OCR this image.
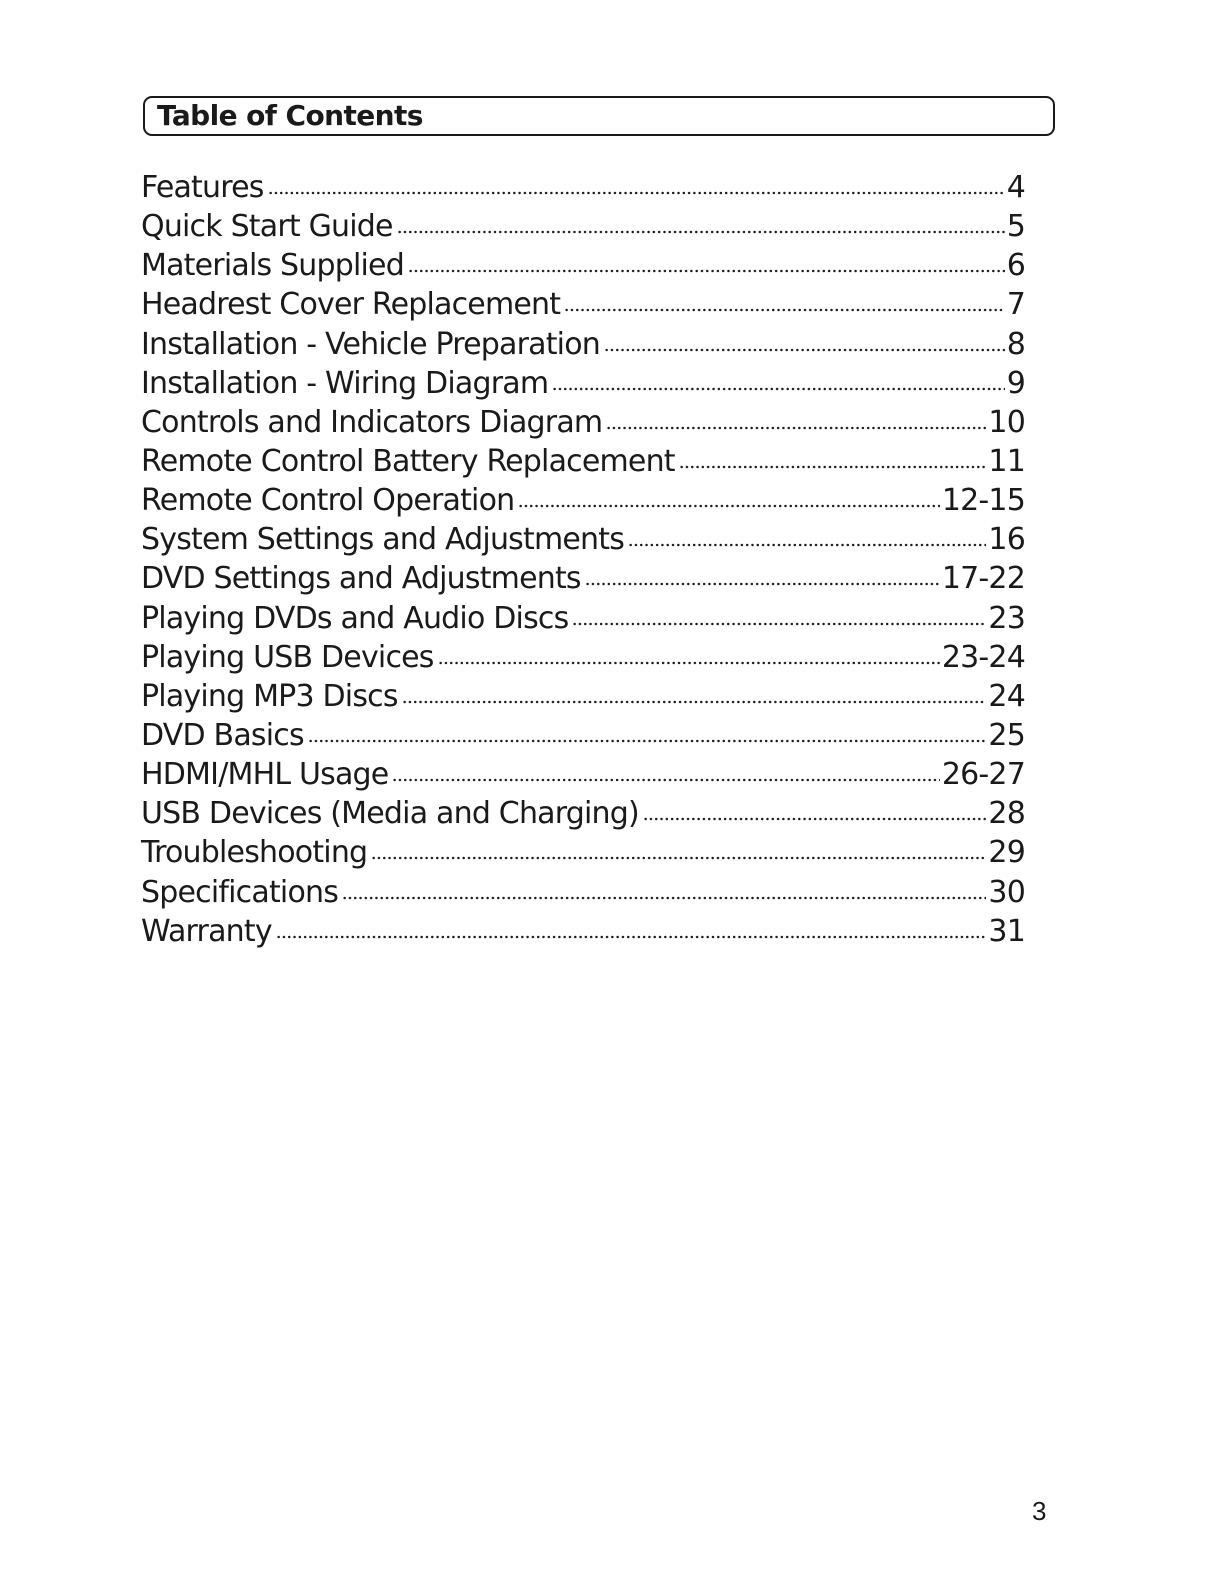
Table of Contents
Features	4
Quick Start Guide	5
Materials Supplied	6
Headrest Cover Replacement	7
Installation - Vehicle Preparation	8
Installation - Wiring Diagram	9
Controls and Indicators Diagram	10
Remote Control Battery Replacement	11
Remote Control Operation	12-15
System Settings and Adjustments	16
DVD Settings and Adjustments	17-22
Playing DVDs and Audio Discs	23
Playing USB Devices	23-24
Playing MP3 Discs	24
DVD Basics	25
HDMI/MHL Usage	26-27
USB Devices (Media and Charging)	28
Troubleshooting	29
Specifications	30
Warranty	31
3
